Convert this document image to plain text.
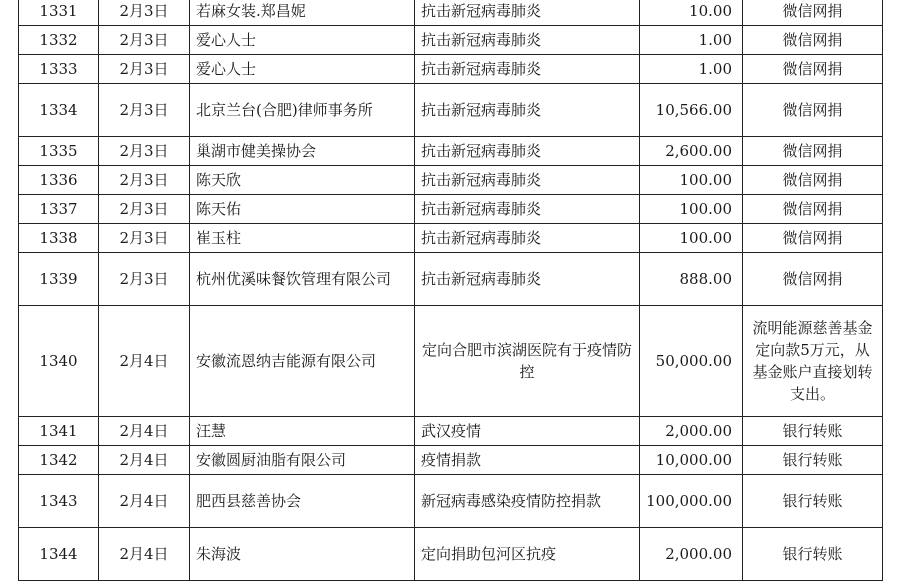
1331	2月3日	若麻女装.郑昌妮	抗击新冠病毒肺炎	10.00	微信网捐
1332	2月3日	爱心人士	抗击新冠病毒肺炎	1.00	微信网捐
1333	2月3日	爱心人士	抗击新冠病毒肺炎	1.00	微信网捐
1334	2月3日	北京兰台(合肥)律师事务所	抗击新冠病毒肺炎	10,566.00	微信网捐
1335	2月3日	巢湖市健美操协会	抗击新冠病毒肺炎	2,600.00	微信网捐
1336	2月3日	陈天欣	抗击新冠病毒肺炎	100.00	微信网捐
1337	2月3日	陈天佑	抗击新冠病毒肺炎	100.00	微信网捐
1338	2月3日	崔玉柱	抗击新冠病毒肺炎	100.00	微信网捐
1339	2月3日	杭州优溪味餐饮管理有限公司	抗击新冠病毒肺炎	888.00	微信网捐
1340	2月4日	安徽流恩纳吉能源有限公司	定向合肥市滨湖医院有于疫情防控	50,000.00	流明能源慈善基金定向款5万元，从基金账户直接划转支出。
1341	2月4日	汪慧	武汉疫情	2,000.00	银行转账
1342	2月4日	安徽圆厨油脂有限公司	疫情捐款	10,000.00	银行转账
1343	2月4日	肥西县慈善协会	新冠病毒感染疫情防控捐款	100,000.00	银行转账
1344	2月4日	朱海波	定向捐助包河区抗疫	2,000.00	银行转账
